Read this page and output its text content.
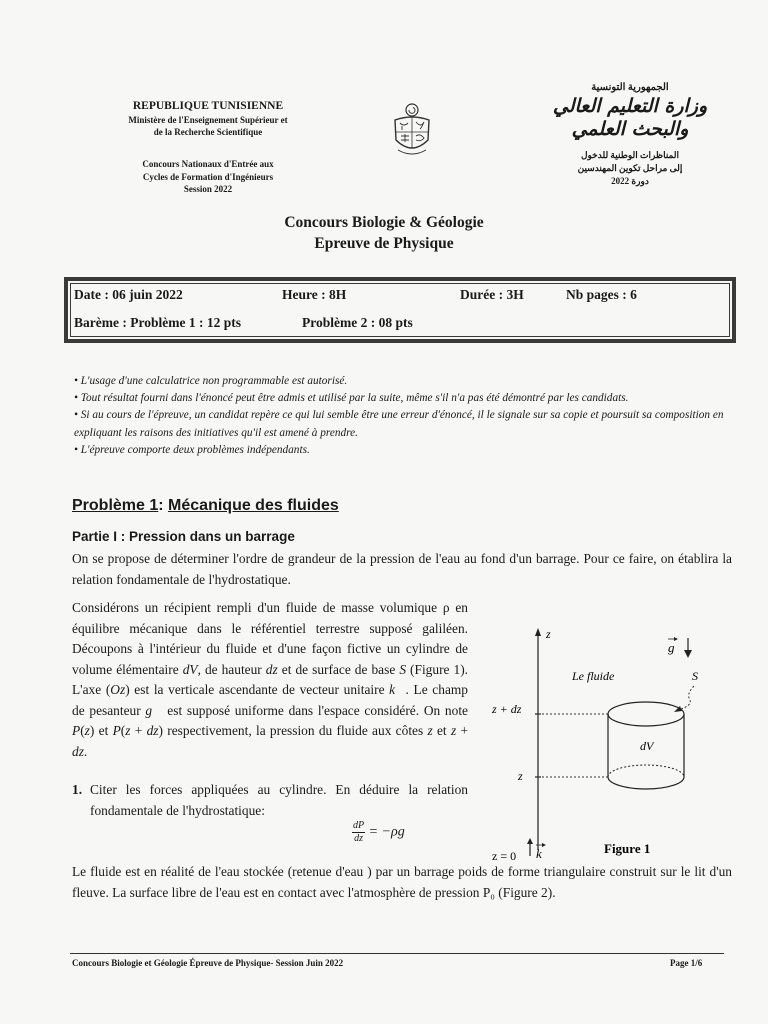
REPUBLIQUE TUNISIENNE
Ministère de l'Enseignement Supérieur et
de la Recherche Scientifique
Concours Nationaux d'Entrée aux
Cycles de Formation d'Ingénieurs
Session 2022
الجمهورية التونسية
وزارة التعليم العالي
والبحث العلمي
المناظرات الوطنية للدخول
إلى مراحل تكوين المهندسين
دورة 2022
Concours Biologie & Géologie
Epreuve de Physique
Date : 06 juin 2022	Heure : 8H	Durée : 3H	Nb pages : 6
Barème : Problème 1 : 12 pts	Problème 2 : 08 pts

• L'usage d'une calculatrice non programmable est autorisé.

• Tout résultat fourni dans l'énoncé peut être admis et utilisé par la suite, même s'il n'a pas été démontré par les candidats.

• Si au cours de l'épreuve, un candidat repère ce qui lui semble être une erreur d'énoncé, il le signale sur sa copie et poursuit sa composition en expliquant les raisons des initiatives qu'il est amené à prendre.

• L'épreuve comporte deux problèmes indépendants.

Problème 1: Mécanique des fluides
Partie I : Pression dans un barrage
On se propose de déterminer l'ordre de grandeur de la pression de l'eau au fond d'un barrage. Pour ce faire, on établira la relation fondamentale de l'hydrostatique.
Considérons un récipient rempli d'un fluide de masse volumique ρ en équilibre mécanique dans le référentiel terrestre supposé galiléen. Découpons à l'intérieur du fluide et d'une façon fictive un cylindre de volume élémentaire dV, de hauteur dz et de surface de base S (Figure 1). L'axe (Oz) est la verticale ascendante de vecteur unitaire k⃗. Le champ de pesanteur g⃗ est supposé uniforme dans l'espace considéré. On note P(z) et P(z + dz) respectivement, la pression du fluide aux côtes z et z + dz.
1. Citer les forces appliquées au cylindre. En déduire la relation fondamentale de l'hydrostatique:
$\frac{dP}{dz} = -\rho g$
Le fluide est en réalité de l'eau stockée (retenue d'eau ) par un barrage poids de forme triangulaire construit sur le lit d'un fleuve. La surface libre de l'eau est en contact avec l'atmosphère de pression P₀ (Figure 2).
z
z + dz
z
z = 0 k
dV
Le fluide	S
g
Figure 1
Concours Biologie et Géologie Épreuve de Physique- Session Juin 2022	Page 1/6
